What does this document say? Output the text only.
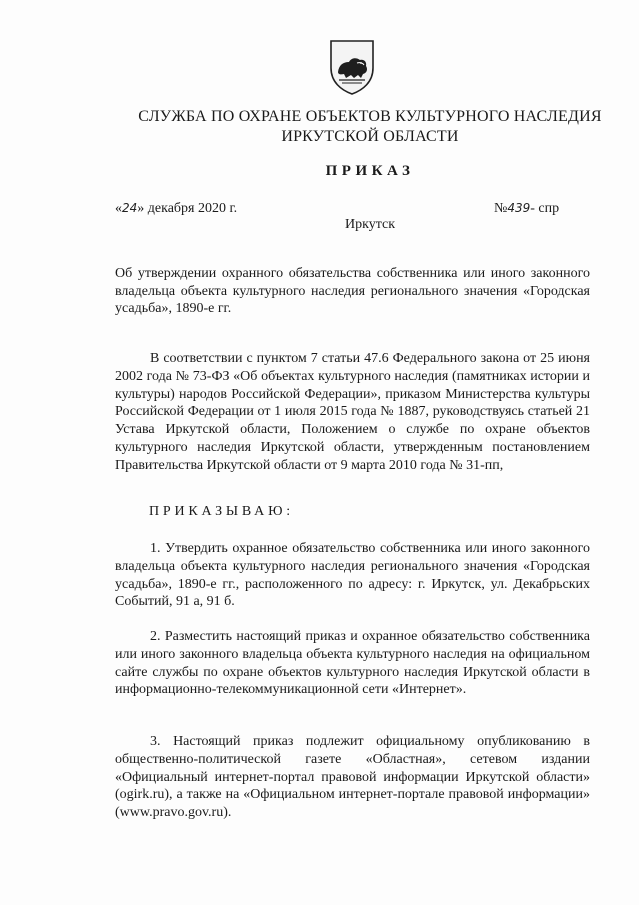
СЛУЖБА ПО ОХРАНЕ ОБЪЕКТОВ КУЛЬТУРНОГО НАСЛЕДИЯ
ИРКУТСКОЙ ОБЛАСТИ
ПРИКАЗ
«24» декабря 2020 г.	№439- спр
Иркутск

Об утверждении охранного обязательства собственника или иного законного владельца объекта культурного наследия регионального значения «Городская усадьба», 1890-е гг.

В соответствии с пунктом 7 статьи 47.6 Федерального закона от 25 июня 2002 года № 73-ФЗ «Об объектах культурного наследия (памятниках истории и культуры) народов Российской Федерации», приказом Министерства культуры Российской Федерации от 1 июля 2015 года № 1887, руководствуясь статьей 21 Устава Иркутской области, Положением о службе по охране объектов культурного наследия Иркутской области, утвержденным постановлением Правительства Иркутской области от 9 марта 2010 года № 31-пп,

ПРИКАЗЫВАЮ:

1. Утвердить охранное обязательство собственника или иного законного владельца объекта культурного наследия регионального значения «Городская усадьба», 1890-е гг., расположенного по адресу: г. Иркутск, ул. Декабрьских Событий, 91 а, 91 б.

2. Разместить настоящий приказ и охранное обязательство собственника или иного законного владельца объекта культурного наследия на официальном сайте службы по охране объектов культурного наследия Иркутской области в информационно-телекоммуникационной сети «Интернет».

3. Настоящий приказ подлежит официальному опубликованию в общественно-политической газете «Областная», сетевом издании «Официальный интернет-портал правовой информации Иркутской области» (ogirk.ru), а также на «Официальном интернет-портале правовой информации» (www.pravo.gov.ru).
